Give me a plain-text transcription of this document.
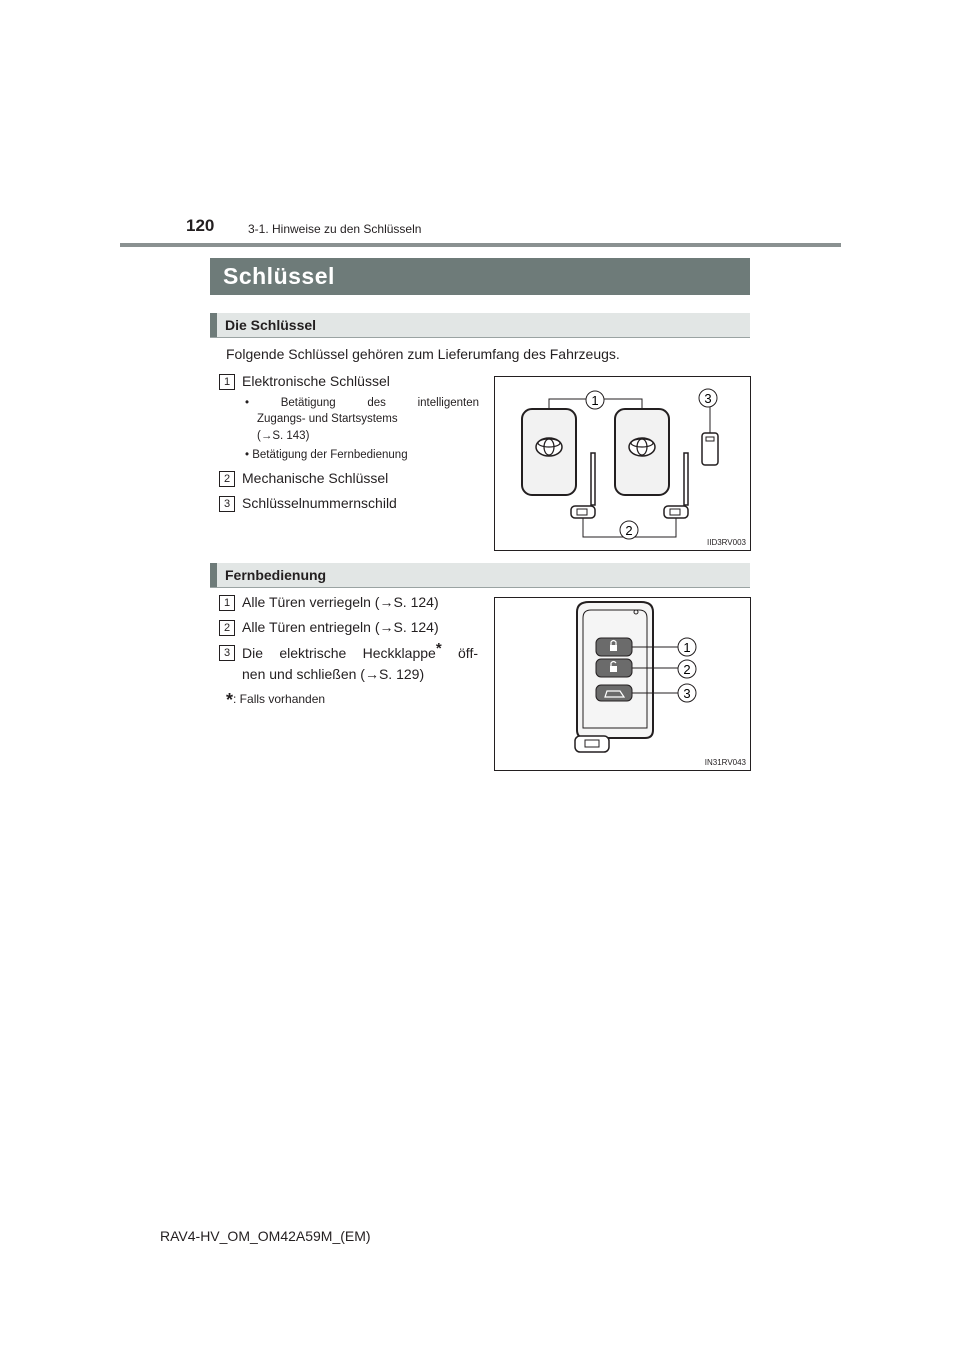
120	3-1. Hinweise zu den Schlüsseln
Schlüssel
Die Schlüssel
Folgende Schlüssel gehören zum Lieferumfang des Fahrzeugs.
1 Elektronische Schlüssel
• Betätigung des intelligenten
Zugangs- und Startsystems
(→S. 143)
• Betätigung der Fernbedienung
2 Mechanische Schlüssel
3 Schlüsselnummernschild
1
2
3
IID3RV003
Fernbedienung
1 Alle Türen verriegeln (→S. 124)
2 Alle Türen entriegeln (→S. 124)
3 Die elektrische Heckklappe* öff-
nen und schließen (→S. 129)
*: Falls vorhanden
1
2
3
IN31RV043
RAV4-HV_OM_OM42A59M_(EM)
